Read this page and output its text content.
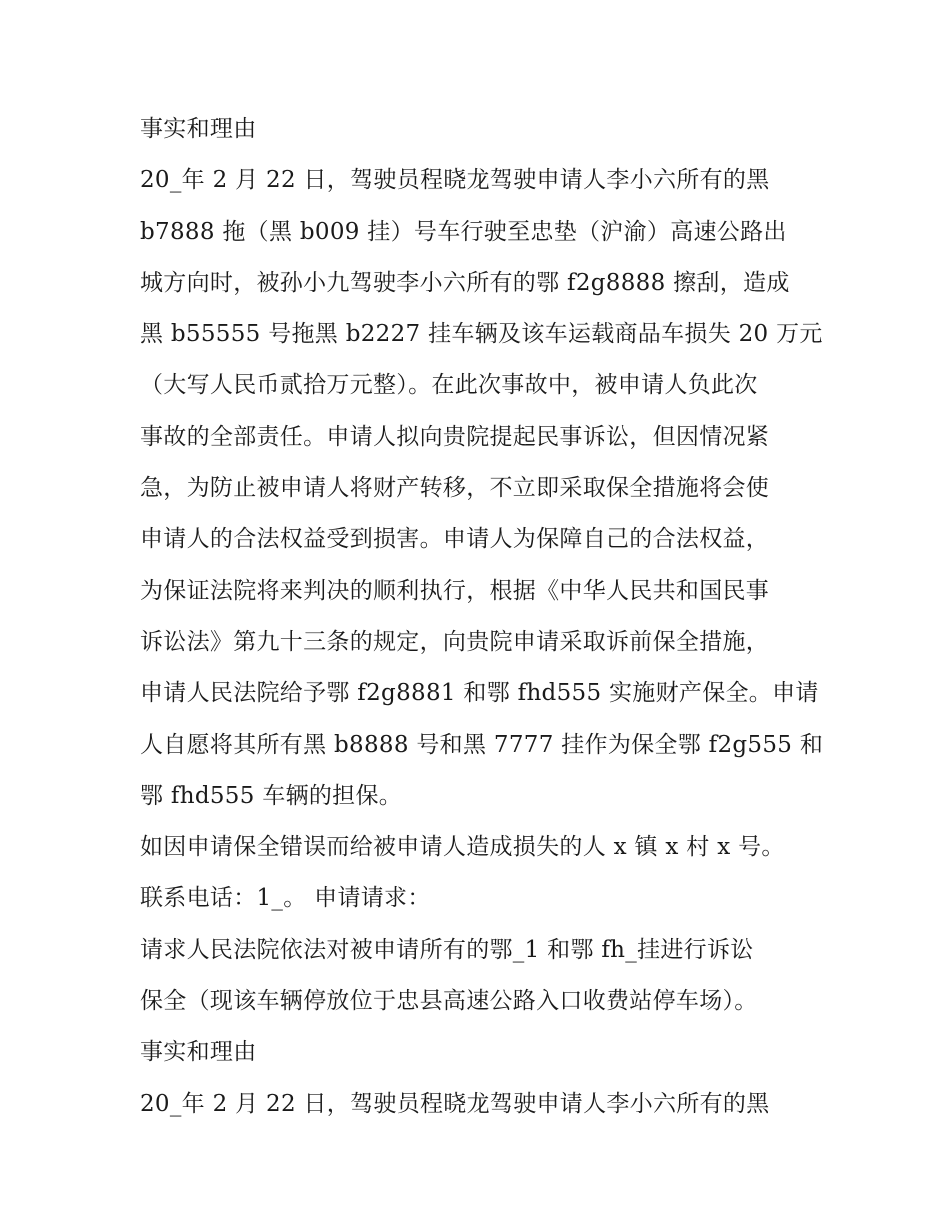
事实和理由
20_年 2 月 22 日，驾驶员程晓龙驾驶申请人李小六所有的黑
b7888 拖（黑 b009 挂）号车行驶至忠垫（沪渝）高速公路出
城方向时，被孙小九驾驶李小六所有的鄂 f2g8888 擦刮，造成
黑 b55555 号拖黑 b2227 挂车辆及该车运载商品车损失 20 万元
（大写人民币贰拾万元整）。在此次事故中，被申请人负此次
事故的全部责任。申请人拟向贵院提起民事诉讼，但因情况紧
急，为防止被申请人将财产转移，不立即采取保全措施将会使
申请人的合法权益受到损害。申请人为保障自己的合法权益，
为保证法院将来判决的顺利执行，根据《中华人民共和国民事
诉讼法》第九十三条的规定，向贵院申请采取诉前保全措施，
申请人民法院给予鄂 f2g8881 和鄂 fhd555 实施财产保全。申请
人自愿将其所有黑 b8888 号和黑 7777 挂作为保全鄂 f2g555 和
鄂 fhd555 车辆的担保。
如因申请保全错误而给被申请人造成损失的人 x 镇 x 村 x 号。
联系电话：1_。 申请请求：
请求人民法院依法对被申请所有的鄂_1 和鄂 fh_挂进行诉讼
保全（现该车辆停放位于忠县高速公路入口收费站停车场）。
事实和理由
20_年 2 月 22 日，驾驶员程晓龙驾驶申请人李小六所有的黑
